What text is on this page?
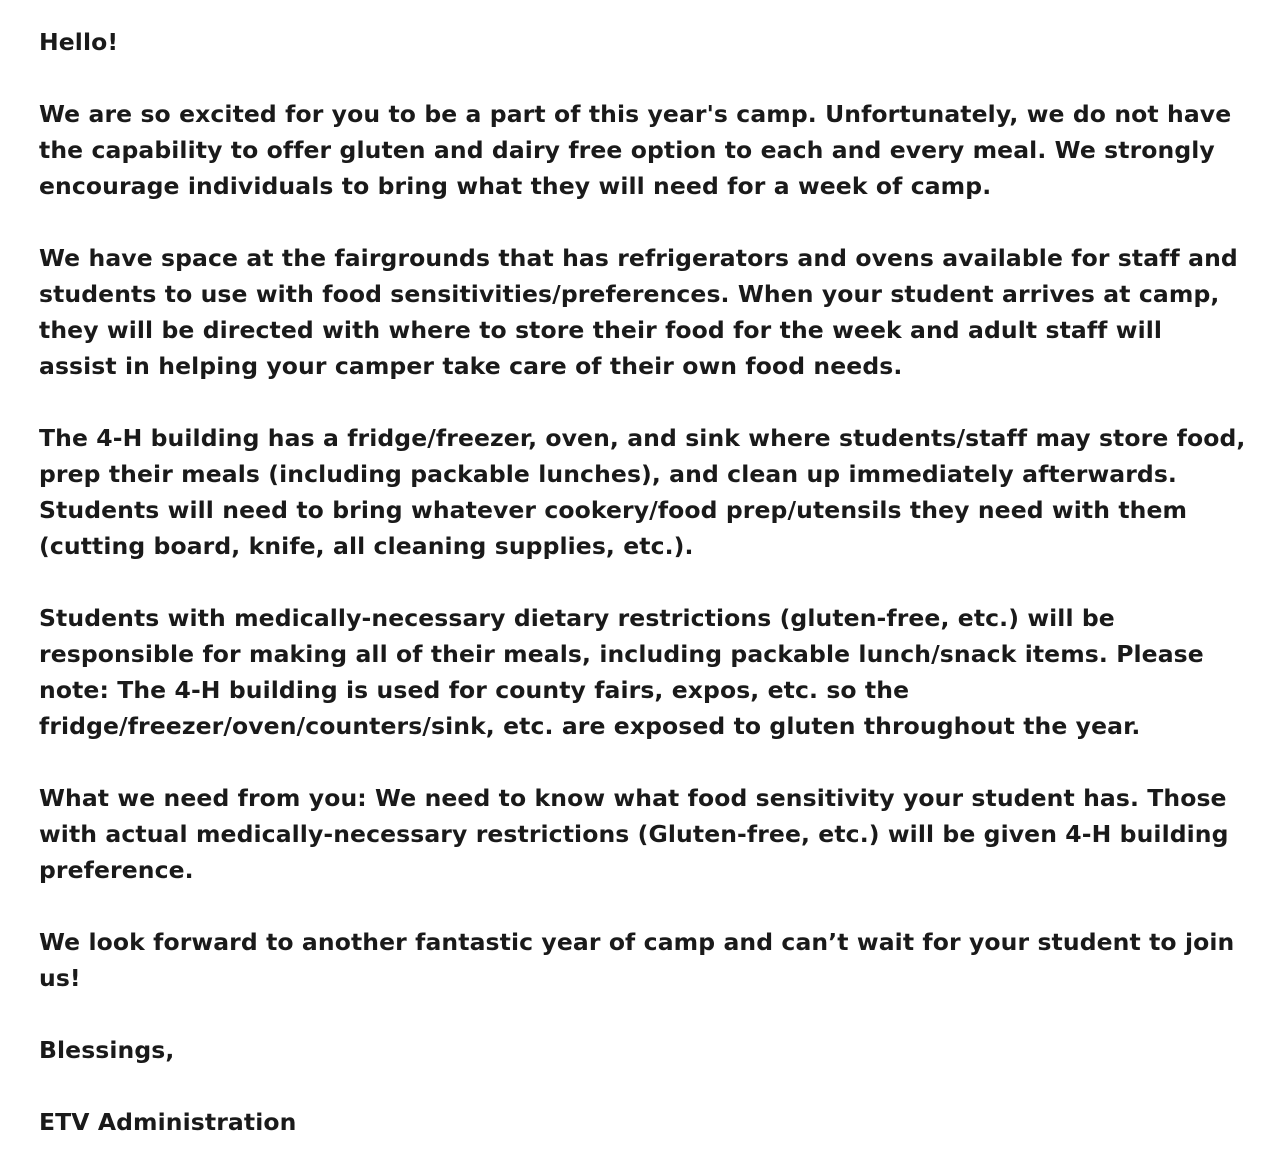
Hello!

We are so excited for you to be a part of this year's camp. Unfortunately, we do not have the capability to offer gluten and dairy free option to each and every meal. We strongly encourage individuals to bring what they will need for a week of camp.

We have space at the fairgrounds that has refrigerators and ovens available for staff and students to use with food sensitivities/preferences. When your student arrives at camp, they will be directed with where to store their food for the week and adult staff will assist in helping your camper take care of their own food needs.

The 4-H building has a fridge/freezer, oven, and sink where students/staff may store food, prep their meals (including packable lunches), and clean up immediately afterwards. Students will need to bring whatever cookery/food prep/utensils they need with them (cutting board, knife, all cleaning supplies, etc.).

Students with medically-necessary dietary restrictions (gluten-free, etc.) will be responsible for making all of their meals, including packable lunch/snack items. Please note: The 4-H building is used for county fairs, expos, etc. so the fridge/freezer/oven/counters/sink, etc. are exposed to gluten throughout the year.

What we need from you: We need to know what food sensitivity your student has. Those with actual medically-necessary restrictions (Gluten-free, etc.) will be given 4-H building preference.

We look forward to another fantastic year of camp and can’t wait for your student to join us!

Blessings,

ETV Administration
